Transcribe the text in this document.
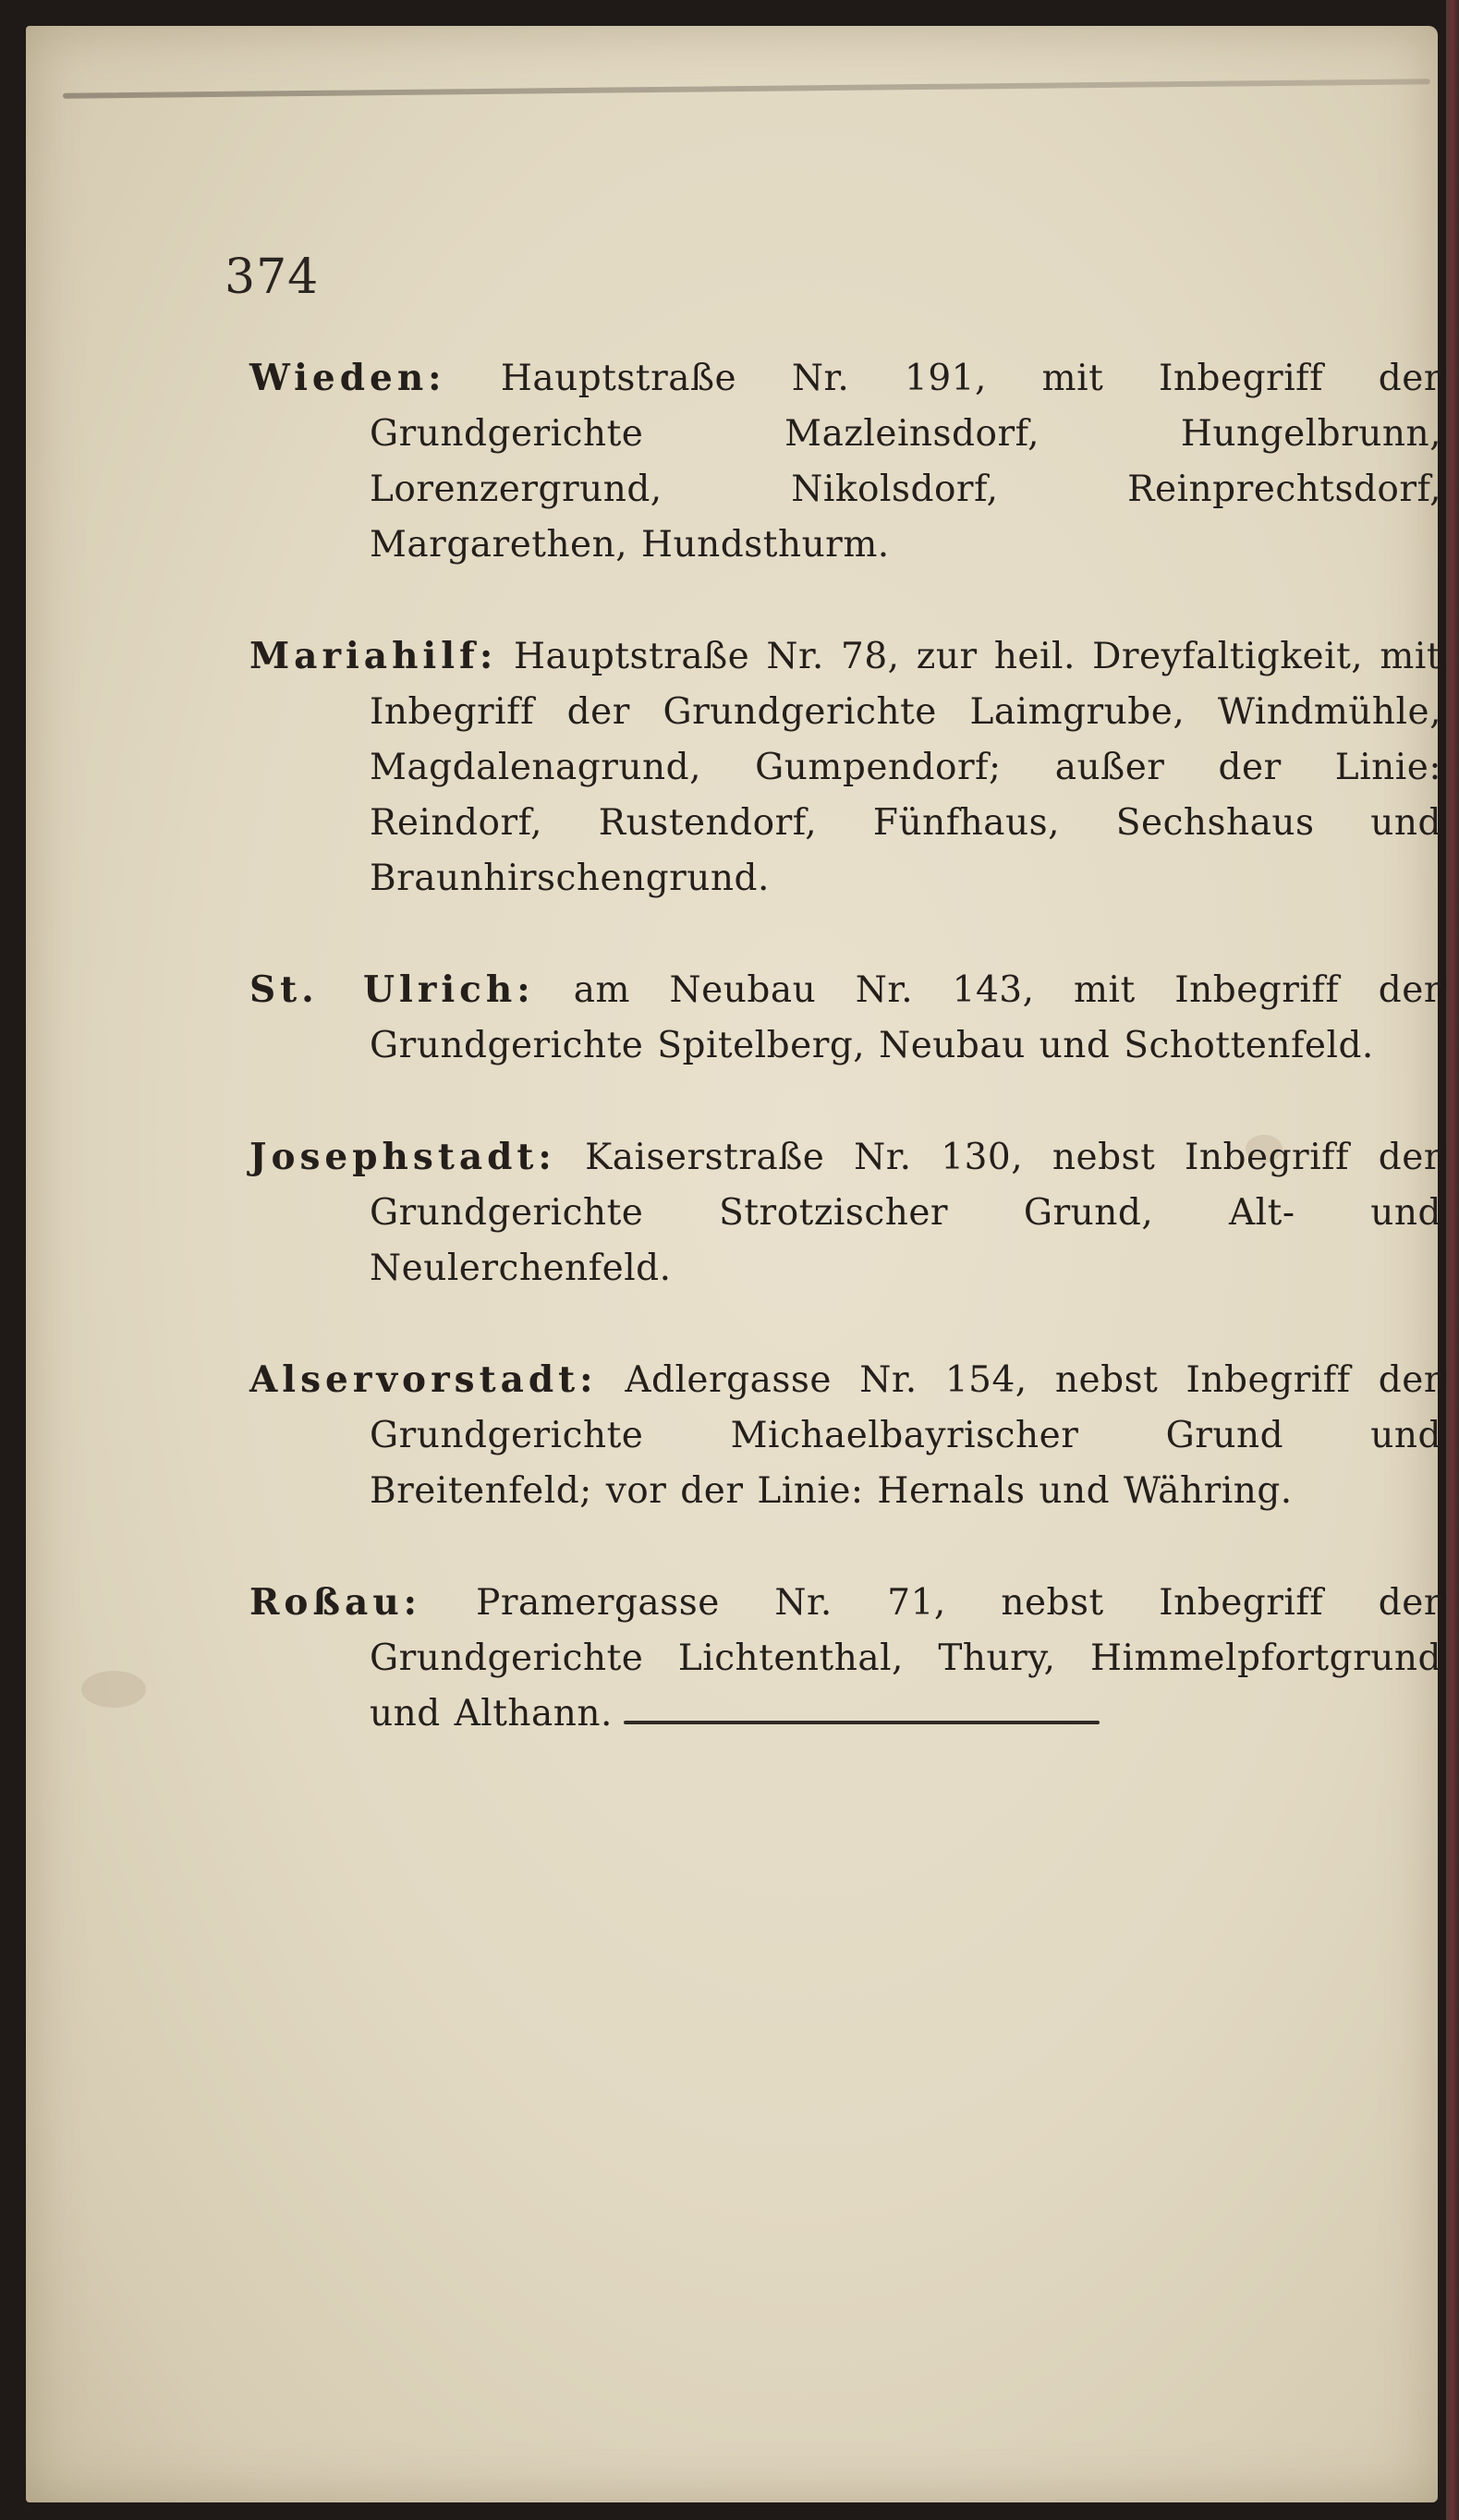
374

Wieden: Hauptstraße Nr. 191, mit Inbegriff der Grundgerichte Mazleinsdorf, Hungelbrunn, Lorenzergrund, Nikolsdorf, Reinprechtsdorf, Margarethen, Hundsthurm.

Mariahilf: Hauptstraße Nr. 78, zur heil. Dreyfaltigkeit, mit Inbegriff der Grundgerichte Laimgrube, Windmühle, Magdalenagrund, Gumpendorf; außer der Linie: Reindorf, Rustendorf, Fünfhaus, Sechshaus und Braunhirschengrund.

St. Ulrich: am Neubau Nr. 143, mit Inbegriff der Grundgerichte Spitelberg, Neubau und Schottenfeld.

Josephstadt: Kaiserstraße Nr. 130, nebst Inbegriff der Grundgerichte Strotzischer Grund, Alt- und Neulerchenfeld.

Alservorstadt: Adlergasse Nr. 154, nebst Inbegriff der Grundgerichte Michaelbayrischer Grund und Breitenfeld; vor der Linie: Hernals und Währing.

Roßau: Pramergasse Nr. 71, nebst Inbegriff der Grundgerichte Lichtenthal, Thury, Himmelpfortgrund und Althann.
